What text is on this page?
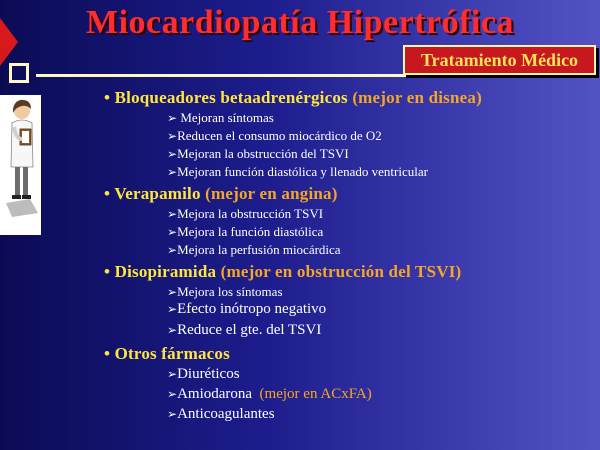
Miocardiopatía Hipertrófica
Tratamiento Médico
• Bloqueadores betaadrenérgicos (mejor en disnea)
➢ Mejoran síntomas
➢Reducen el consumo miocárdico de O2
➢Mejoran la obstrucción del TSVI
➢Mejoran función diastólica y llenado ventricular
• Verapamilo (mejor en angina)
➢Mejora la obstrucción TSVI
➢Mejora la función diastólica
➢Mejora la perfusión miocárdica
• Disopiramida (mejor en obstrucción del TSVI)
➢Mejora los síntomas
➢Efecto inótropo negativo
➢Reduce el gte. del TSVI
• Otros fármacos
➢Diuréticos
➢Amiodarona (mejor en ACxFA)
➢Anticoagulantes
